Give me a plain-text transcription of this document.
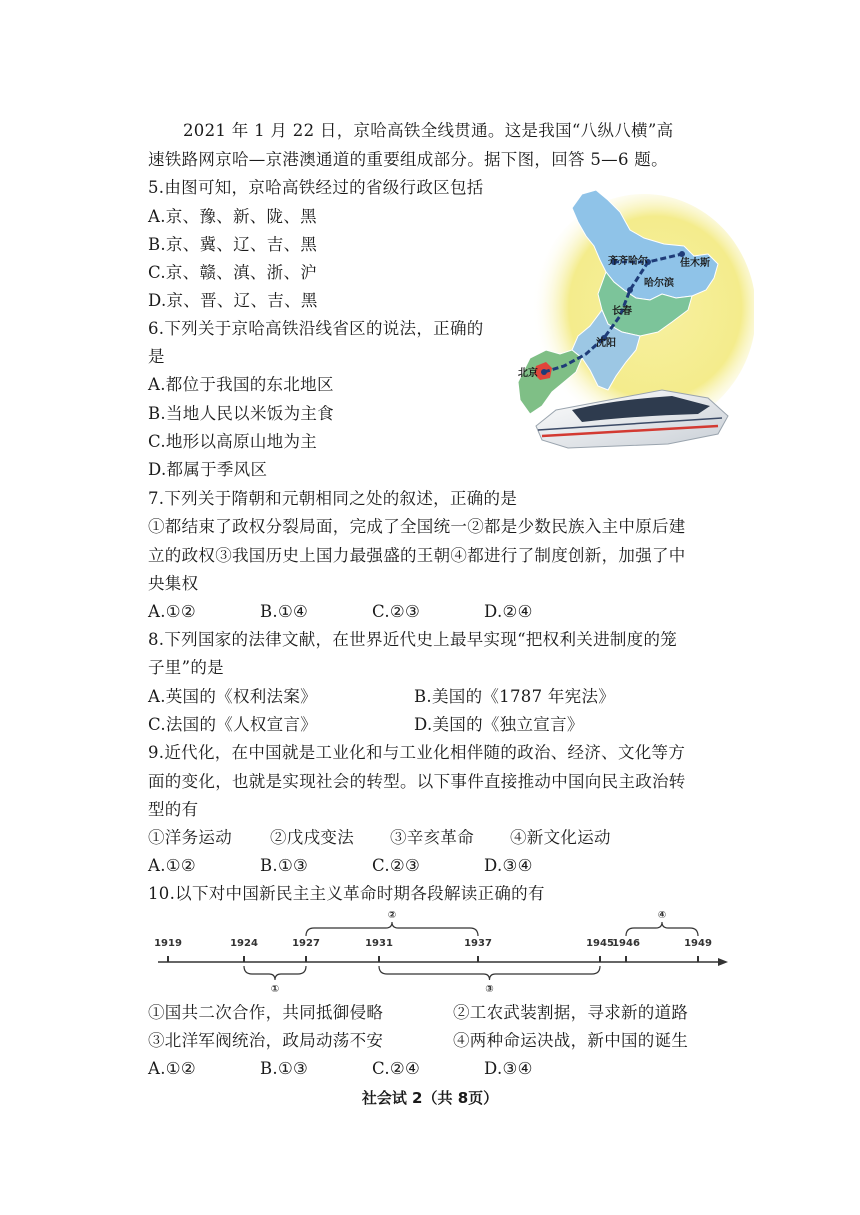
2021 年 1 月 22 日，京哈高铁全线贯通。这是我国“八纵八横”高
速铁路网京哈—京港澳通道的重要组成部分。据下图，回答 5—6 题。
5.由图可知，京哈高铁经过的省级行政区包括
A.京、豫、新、陇、黑
B.京、冀、辽、吉、黑
C.京、赣、滇、浙、沪
D.京、晋、辽、吉、黑
6.下列关于京哈高铁沿线省区的说法，正确的
是
A.都位于我国的东北地区
B.当地人民以米饭为主食
C.地形以高原山地为主
D.都属于季风区
齐齐哈尔	佳木斯
哈尔滨
长春
沈阳
北京
7.下列关于隋朝和元朝相同之处的叙述，正确的是
①都结束了政权分裂局面，完成了全国统一②都是少数民族入主中原后建
立的政权③我国历史上国力最强盛的王朝④都进行了制度创新，加强了中
央集权
A.①②	B.①④	C.②③	D.②④
8.下列国家的法律文献，在世界近代史上最早实现“把权利关进制度的笼
子里”的是
A.英国的《权利法案》	B.美国的《1787 年宪法》
C.法国的《人权宣言》	D.美国的《独立宣言》
9.近代化，在中国就是工业化和与工业化相伴随的政治、经济、文化等方
面的变化，也就是实现社会的转型。以下事件直接推动中国向民主政治转
型的有
①洋务运动 ②戊戌变法 ③辛亥革命 ④新文化运动
A.①②	B.①③	C.②③	D.③④
10.以下对中国新民主主义革命时期各段解读正确的有
1919	1924	1927	1931	1937	1945
1946	1949
①
②
③
④
①国共二次合作，共同抵御侵略	②工农武装割据，寻求新的道路
③北洋军阀统治，政局动荡不安	④两种命运决战，新中国的诞生
A.①②	B.①③	C.②④	D.③④
社会试 2（共 8页）
